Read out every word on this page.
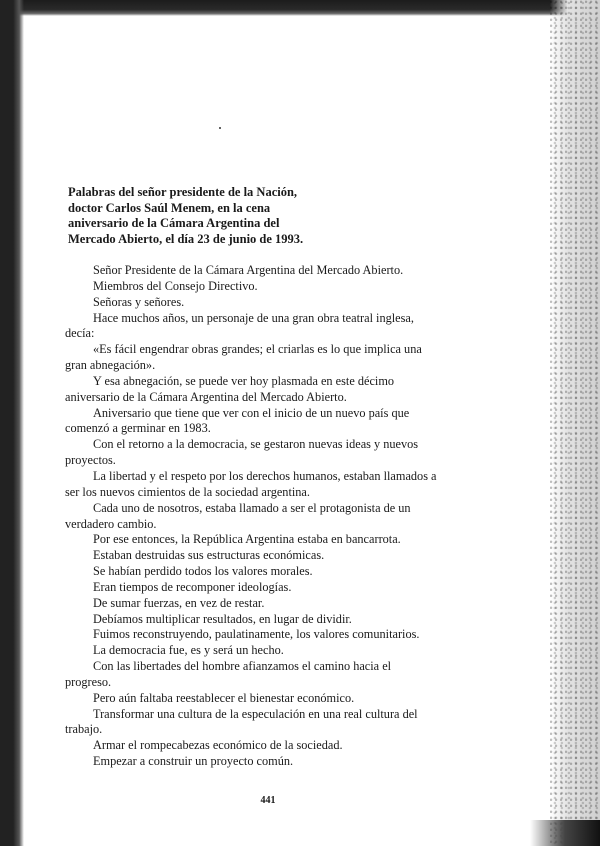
Palabras del señor presidente de la Nación,
doctor Carlos Saúl Menem, en la cena
aniversario de la Cámara Argentina del
Mercado Abierto, el día 23 de junio de 1993.
Señor Presidente de la Cámara Argentina del Mercado Abierto.
Miembros del Consejo Directivo.
Señoras y señores.
Hace muchos años, un personaje de una gran obra teatral inglesa,
decía:
«Es fácil engendrar obras grandes; el criarlas es lo que implica una
gran abnegación».
Y esa abnegación, se puede ver hoy plasmada en este décimo
aniversario de la Cámara Argentina del Mercado Abierto.
Aniversario que tiene que ver con el inicio de un nuevo país que
comenzó a germinar en 1983.
Con el retorno a la democracia, se gestaron nuevas ideas y nuevos
proyectos.
La libertad y el respeto por los derechos humanos, estaban llamados a
ser los nuevos cimientos de la sociedad argentina.
Cada uno de nosotros, estaba llamado a ser el protagonista de un
verdadero cambio.
Por ese entonces, la República Argentina estaba en bancarrota.
Estaban destruidas sus estructuras económicas.
Se habían perdido todos los valores morales.
Eran tiempos de recomponer ideologías.
De sumar fuerzas, en vez de restar.
Debíamos multiplicar resultados, en lugar de dividir.
Fuimos reconstruyendo, paulatinamente, los valores comunitarios.
La democracia fue, es y será un hecho.
Con las libertades del hombre afianzamos el camino hacia el
progreso.
Pero aún faltaba reestablecer el bienestar económico.
Transformar una cultura de la especulación en una real cultura del
trabajo.
Armar el rompecabezas económico de la sociedad.
Empezar a construir un proyecto común.
441
